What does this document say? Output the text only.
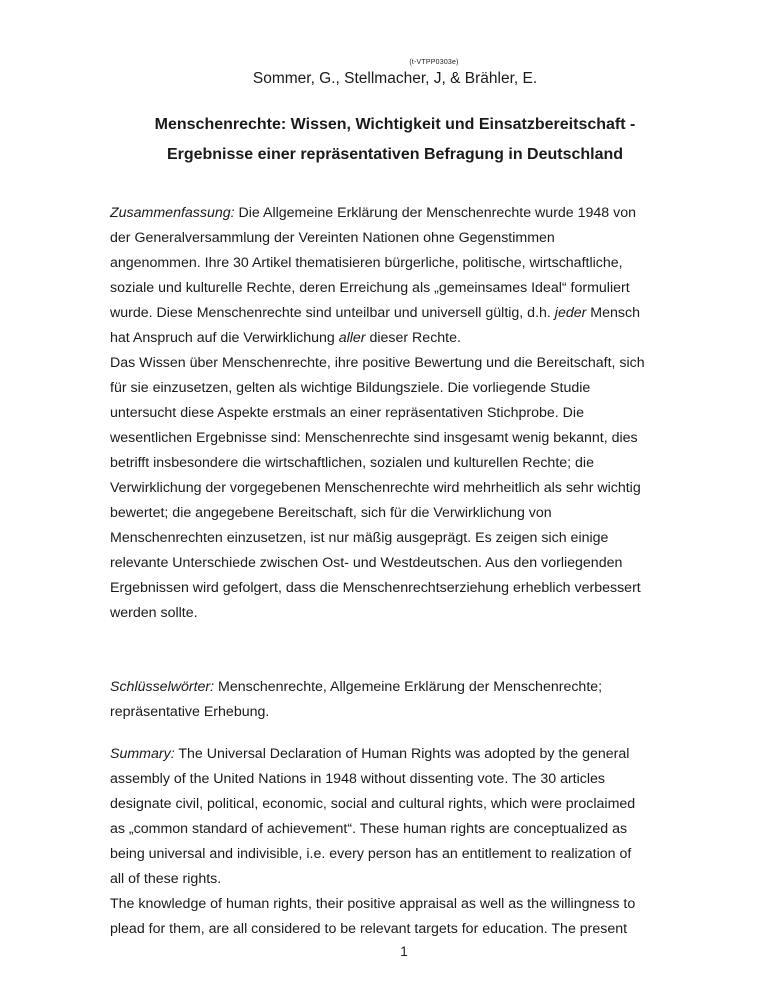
(t-VTPP0303e)
Sommer, G., Stellmacher, J, & Brähler, E.
Menschenrechte: Wissen, Wichtigkeit und Einsatzbereitschaft -
Ergebnisse einer repräsentativen Befragung in Deutschland
Zusammenfassung: Die Allgemeine Erklärung der Menschenrechte wurde 1948 von
der Generalversammlung der Vereinten Nationen ohne Gegenstimmen
angenommen. Ihre 30 Artikel thematisieren bürgerliche, politische, wirtschaftliche,
soziale und kulturelle Rechte, deren Erreichung als „gemeinsames Ideal“ formuliert
wurde. Diese Menschenrechte sind unteilbar und universell gültig, d.h. jeder Mensch
hat Anspruch auf die Verwirklichung aller dieser Rechte.
Das Wissen über Menschenrechte, ihre positive Bewertung und die Bereitschaft, sich
für sie einzusetzen, gelten als wichtige Bildungsziele. Die vorliegende Studie
untersucht diese Aspekte erstmals an einer repräsentativen Stichprobe. Die
wesentlichen Ergebnisse sind: Menschenrechte sind insgesamt wenig bekannt, dies
betrifft insbesondere die wirtschaftlichen, sozialen und kulturellen Rechte; die
Verwirklichung der vorgegebenen Menschenrechte wird mehrheitlich als sehr wichtig
bewertet; die angegebene Bereitschaft, sich für die Verwirklichung von
Menschenrechten einzusetzen, ist nur mäßig ausgeprägt. Es zeigen sich einige
relevante Unterschiede zwischen Ost- und Westdeutschen. Aus den vorliegenden
Ergebnissen wird gefolgert, dass die Menschenrechtserziehung erheblich verbessert
werden sollte.
Schlüsselwörter: Menschenrechte, Allgemeine Erklärung der Menschenrechte;
repräsentative Erhebung.
Summary: The Universal Declaration of Human Rights was adopted by the general
assembly of the United Nations in 1948 without dissenting vote. The 30 articles
designate civil, political, economic, social and cultural rights, which were proclaimed
as „common standard of achievement“. These human rights are conceptualized as
being universal and indivisible, i.e. every person has an entitlement to realization of
all of these rights.
The knowledge of human rights, their positive appraisal as well as the willingness to
plead for them, are all considered to be relevant targets for education. The present
1
